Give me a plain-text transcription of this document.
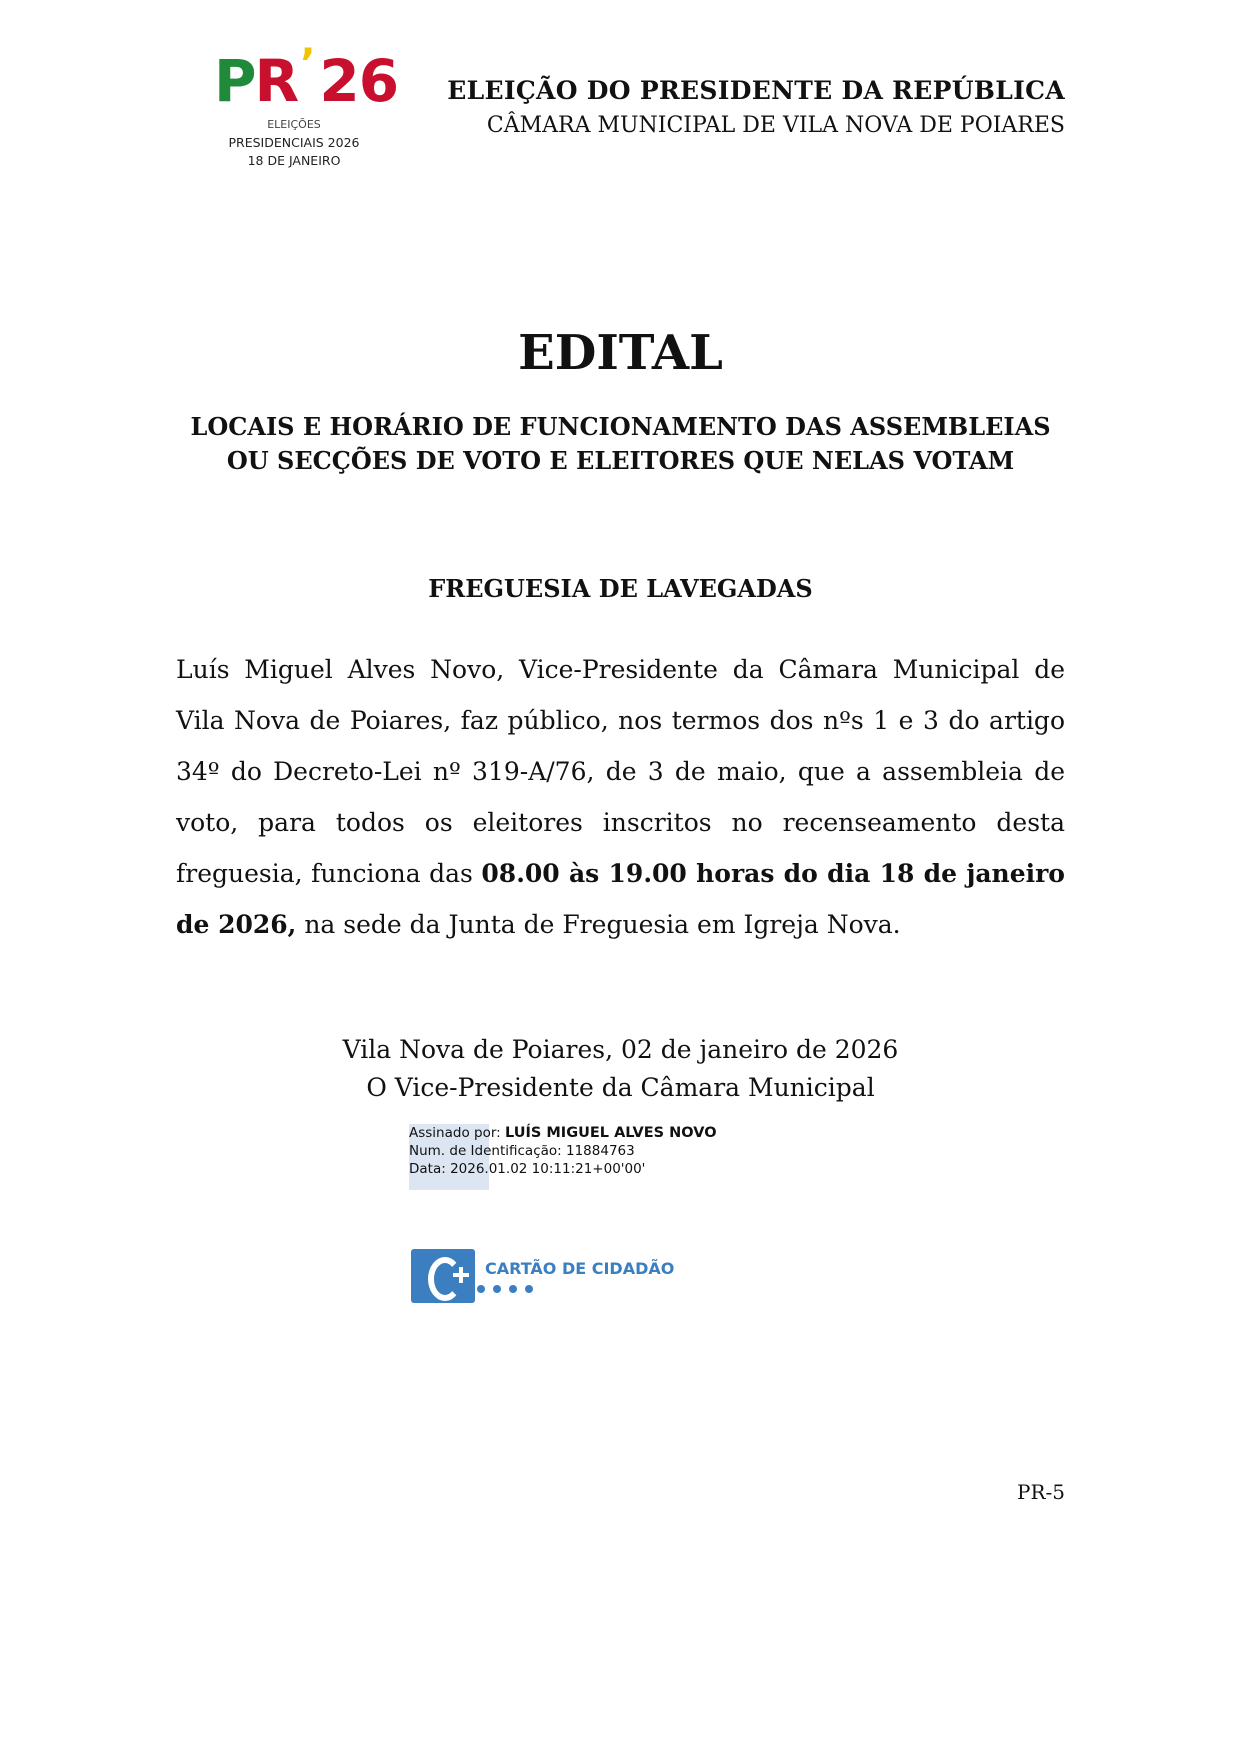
PR ’ 26
ELEIÇÕES
PRESIDENCIAIS 2026
18 DE JANEIRO
ELEIÇÃO DO PRESIDENTE DA REPÚBLICA
CÂMARA MUNICIPAL DE VILA NOVA DE POIARES
EDITAL
LOCAIS E HORÁRIO DE FUNCIONAMENTO DAS ASSEMBLEIAS
OU SECÇÕES DE VOTO E ELEITORES QUE NELAS VOTAM
FREGUESIA DE LAVEGADAS
Luís Miguel Alves Novo, Vice-Presidente da Câmara Municipal de Vila Nova de Poiares, faz público, nos termos dos nºs 1 e 3 do artigo 34º do Decreto-Lei nº 319-A/76, de 3 de maio, que a assembleia de voto, para todos os eleitores inscritos no recenseamento desta freguesia, funciona das 08.00 às 19.00 horas do dia 18 de janeiro de 2026, na sede da Junta de Freguesia em Igreja Nova.
Vila Nova de Poiares, 02 de janeiro de 2026
O Vice-Presidente da Câmara Municipal
Assinado por: LUÍS MIGUEL ALVES NOVO
Num. de Identificação: 11884763
Data: 2026.01.02 10:11:21+00'00'
CARTÃO DE CIDADÃO
PR-5
